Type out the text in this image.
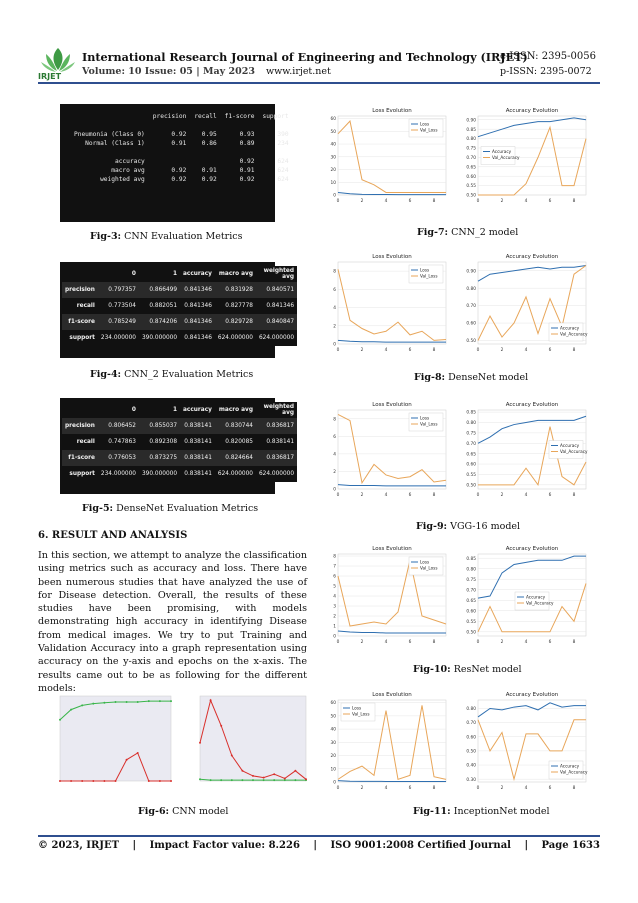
IRJET
International Research Journal of Engineering and Technology (IRJET)
e-ISSN: 2395-0056
Volume: 10 Issue: 05 | May 2023 www.irjet.net	p-ISSN: 2395-0072
	precision	recall	f1-score	support

Pneumonia (Class 0)	0.92	0.95	0.93	390
Normal (Class 1)	0.91	0.86	0.89	234

accuracy			0.92	624
macro avg	0.92	0.91	0.91	624
weighted avg	0.92	0.92	0.92	624
Fig-3: CNN Evaluation Metrics
	0	1	accuracy	macro avg	weighted avg
precision	0.797357	0.866499	0.841346	0.831928	0.840571
recall	0.773504	0.882051	0.841346	0.827778	0.841346
f1-score	0.785249	0.874206	0.841346	0.829728	0.840847
support	234.000000	390.000000	0.841346	624.000000	624.000000
Fig-4: CNN_2 Evaluation Metrics
	0	1	accuracy	macro avg	weighted avg
precision	0.806452	0.855037	0.838141	0.830744	0.836817
recall	0.747863	0.892308	0.838141	0.820085	0.838141
f1-score	0.776053	0.873275	0.838141	0.824664	0.836817
support	234.000000	390.000000	0.838141	624.000000	624.000000
Fig-5: DenseNet Evaluation Metrics
6. RESULT AND ANALYSIS
In this section, we attempt to analyze the classification using metrics such as accuracy and loss. There have been numerous studies that have analyzed the use of for Disease detection. Overall, the results of these studies have been promising, with models demonstrating high accuracy in identifying Disease from medical images. We try to put Training and Validation Accuracy into a graph representation using accuracy on the y-axis and epochs on the x-axis. The results came out to be as following for the different models:
Loss Evolution
0
10
20
30
40
50
60
0	2	4	6	8
Loss
Val_Loss
Accuracy Evolution
0.50
0.55
0.60
0.65
0.70
0.75
0.80
0.85
0.90
0	2	4	6	8
Accuracy
Val_Accuracy
Fig-7: CNN_2 model
Loss Evolution
0
2
4
6
8
0	2	4	6	8
Loss
Val_Loss
Accuracy Evolution
0.50
0.60
0.70
0.80
0.90
0	2	4	6	8
Accuracy
Val_Accuracy
Fig-8: DenseNet model
Loss Evolution
0
2
4
6
8
0	2	4	6	8
Loss
Val_Loss
Accuracy Evolution
0.50
0.55
0.60
0.65
0.70
0.75
0.80
0.85
0	2	4	6	8
Accuracy
Val_Accuracy
Fig-9: VGG-16 model
Loss Evolution
0
1
2
3
4
5
6
7
8
0	2	4	6	8
Loss
Val_Loss
Accuracy Evolution
0.50
0.55
0.60
0.65
0.70
0.75
0.80
0.85
0	2	4	6	8
Accuracy
Val_Accuracy
Fig-10: ResNet model
Loss Evolution
0
10
20
30
40
50
60
0	2	4	6	8
Loss
Val_Loss
Accuracy Evolution
0.30
0.40
0.50
0.60
0.70
0.80
0	2	4	6	8
Accuracy
Val_Accuracy
Fig-11: InceptionNet model
Fig-6: CNN model
© 2023, IRJET | Impact Factor value: 8.226 | ISO 9001:2008 Certified Journal | Page 1633
